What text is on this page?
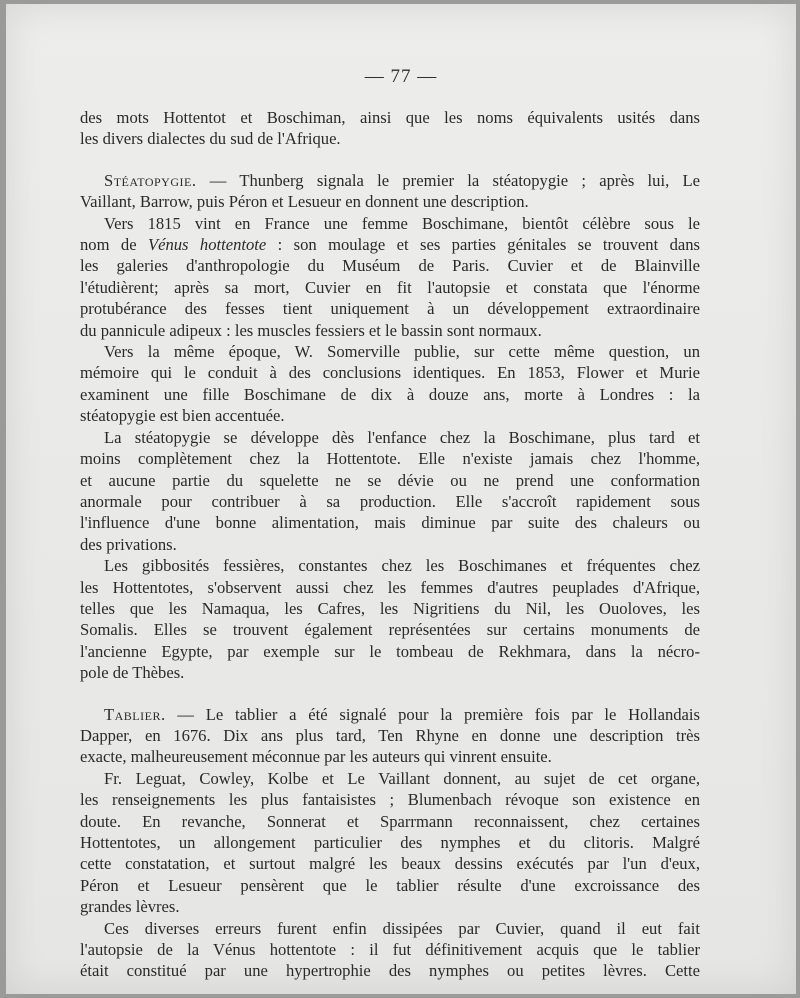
— 77 —
des mots Hottentot et Boschiman, ainsi que les noms équivalents usités dans
les divers dialectes du sud de l'Afrique.
Stéatopygie. — Thunberg signala le premier la stéatopygie ; après lui, Le
Vaillant, Barrow, puis Péron et Lesueur en donnent une description.
Vers 1815 vint en France une femme Boschimane, bientôt célèbre sous le
nom de Vénus hottentote : son moulage et ses parties génitales se trouvent dans
les galeries d'anthropologie du Muséum de Paris. Cuvier et de Blainville
l'étudièrent; après sa mort, Cuvier en fit l'autopsie et constata que l'énorme
protubérance des fesses tient uniquement à un développement extraordinaire
du pannicule adipeux : les muscles fessiers et le bassin sont normaux.
Vers la même époque, W. Somerville publie, sur cette même question, un
mémoire qui le conduit à des conclusions identiques. En 1853, Flower et Murie
examinent une fille Boschimane de dix à douze ans, morte à Londres : la
stéatopygie est bien accentuée.
La stéatopygie se développe dès l'enfance chez la Boschimane, plus tard et
moins complètement chez la Hottentote. Elle n'existe jamais chez l'homme,
et aucune partie du squelette ne se dévie ou ne prend une conformation
anormale pour contribuer à sa production. Elle s'accroît rapidement sous
l'influence d'une bonne alimentation, mais diminue par suite des chaleurs ou
des privations.
Les gibbosités fessières, constantes chez les Boschimanes et fréquentes chez
les Hottentotes, s'observent aussi chez les femmes d'autres peuplades d'Afrique,
telles que les Namaqua, les Cafres, les Nigritiens du Nil, les Ouoloves, les
Somalis. Elles se trouvent également représentées sur certains monuments de
l'ancienne Egypte, par exemple sur le tombeau de Rekhmara, dans la nécro-
pole de Thèbes.
Tablier. — Le tablier a été signalé pour la première fois par le Hollandais
Dapper, en 1676. Dix ans plus tard, Ten Rhyne en donne une description très
exacte, malheureusement méconnue par les auteurs qui vinrent ensuite.
Fr. Leguat, Cowley, Kolbe et Le Vaillant donnent, au sujet de cet organe,
les renseignements les plus fantaisistes ; Blumenbach révoque son existence en
doute. En revanche, Sonnerat et Sparrmann reconnaissent, chez certaines
Hottentotes, un allongement particulier des nymphes et du clitoris. Malgré
cette constatation, et surtout malgré les beaux dessins exécutés par l'un d'eux,
Péron et Lesueur pensèrent que le tablier résulte d'une excroissance des
grandes lèvres.
Ces diverses erreurs furent enfin dissipées par Cuvier, quand il eut fait
l'autopsie de la Vénus hottentote : il fut définitivement acquis que le tablier
était constitué par une hypertrophie des nymphes ou petites lèvres. Cette
